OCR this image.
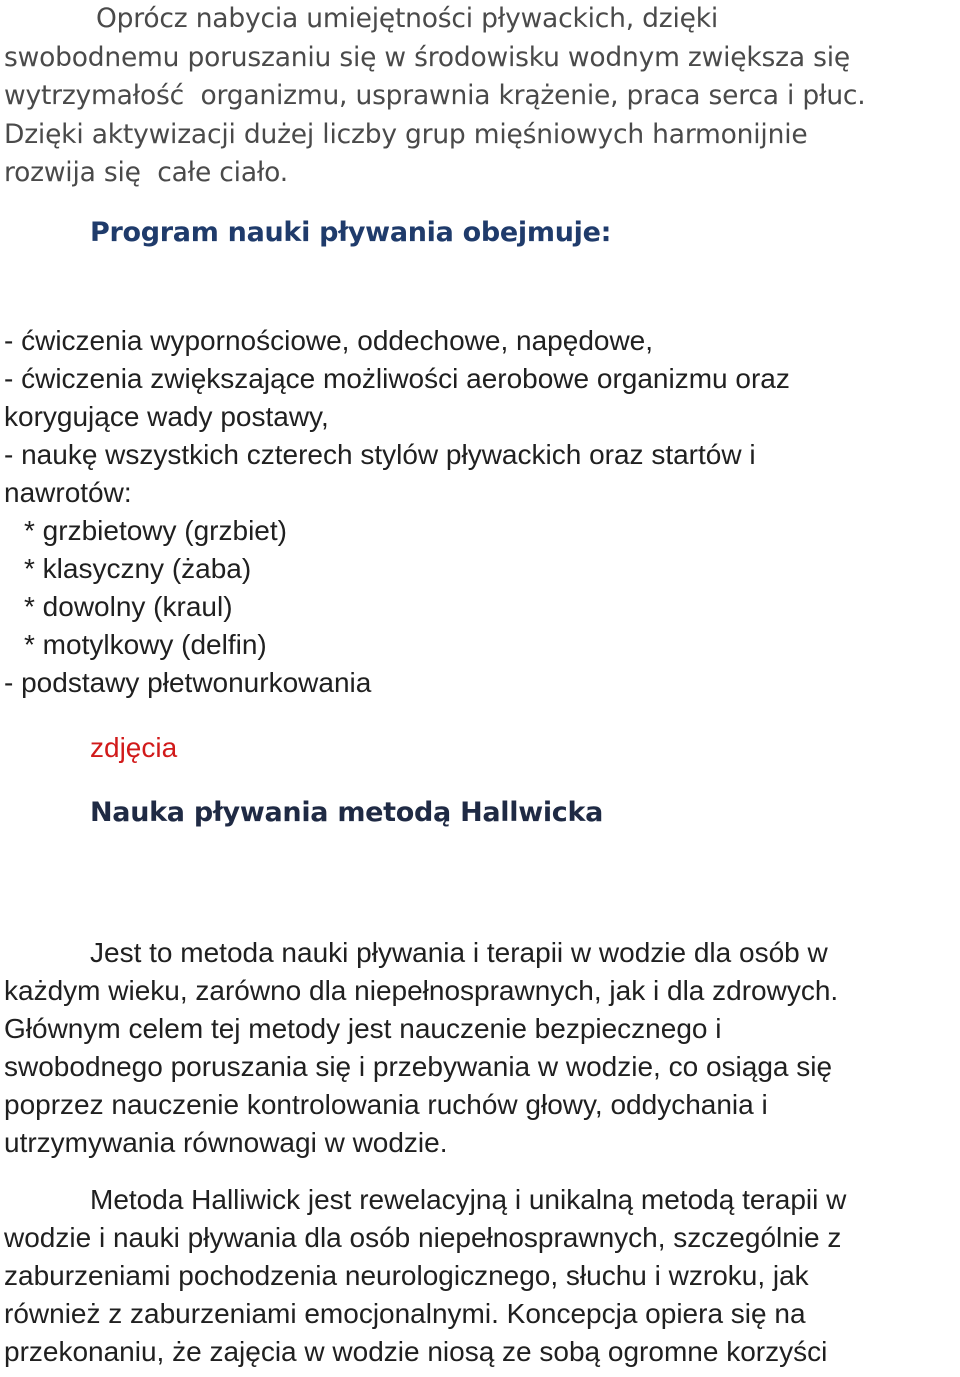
Oprócz nabycia umiejętności pływackich, dzięki
swobodnemu poruszaniu się w środowisku wodnym zwiększa się
wytrzymałość  organizmu, usprawnia krążenie, praca serca i płuc.
Dzięki aktywizacji dużej liczby grup mięśniowych harmonijnie
rozwija się  całe ciało.
Program nauki pływania obejmuje:
- ćwiczenia wypornościowe, oddechowe, napędowe,
- ćwiczenia zwiększające możliwości aerobowe organizmu oraz
korygujące wady postawy,
- naukę wszystkich czterech stylów pływackich oraz startów i
nawrotów:
* grzbietowy (grzbiet)
* klasyczny (żaba)
* dowolny (kraul)
* motylkowy (delfin)
- podstawy płetwonurkowania
zdjęcia
Nauka pływania metodą Hallwicka
Jest to metoda nauki pływania i terapii w wodzie dla osób w
każdym wieku, zarówno dla niepełnosprawnych, jak i dla zdrowych.
Głównym celem tej metody jest nauczenie bezpiecznego i
swobodnego poruszania się i przebywania w wodzie, co osiąga się
poprzez nauczenie kontrolowania ruchów głowy, oddychania i
utrzymywania równowagi w wodzie.
Metoda Halliwick jest rewelacyjną i unikalną metodą terapii w
wodzie i nauki pływania dla osób niepełnosprawnych, szczególnie z
zaburzeniami pochodzenia neurologicznego, słuchu i wzroku, jak
również z zaburzeniami emocjonalnymi. Koncepcja opiera się na
przekonaniu, że zajęcia w wodzie niosą ze sobą ogromne korzyści
